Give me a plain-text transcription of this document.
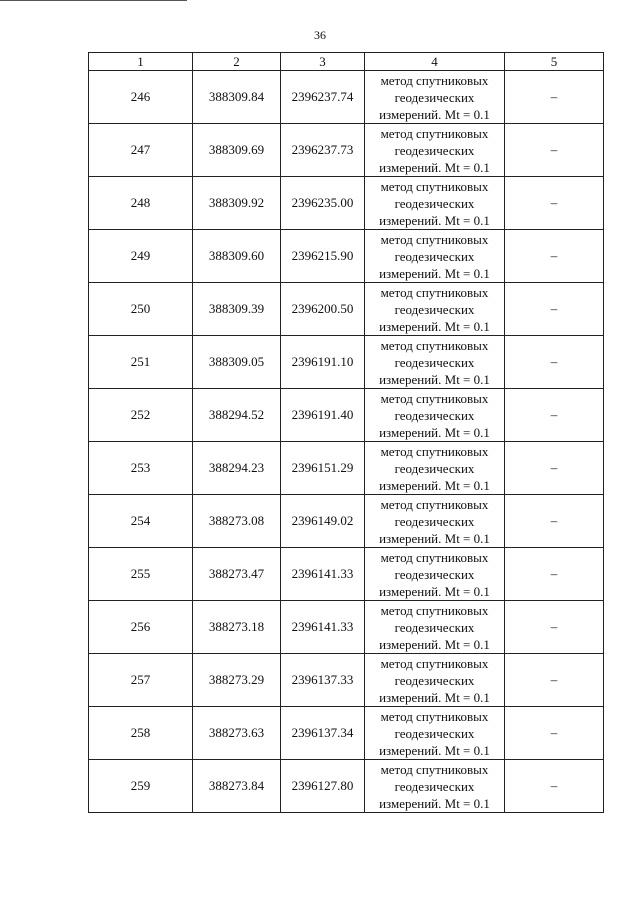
36
1	2	3	4	5
246	388309.84	2396237.74	метод спутниковых
геодезических
измерений. Mt = 0.1	–
247	388309.69	2396237.73	метод спутниковых
геодезических
измерений. Mt = 0.1	–
248	388309.92	2396235.00	метод спутниковых
геодезических
измерений. Mt = 0.1	–
249	388309.60	2396215.90	метод спутниковых
геодезических
измерений. Mt = 0.1	–
250	388309.39	2396200.50	метод спутниковых
геодезических
измерений. Mt = 0.1	–
251	388309.05	2396191.10	метод спутниковых
геодезических
измерений. Mt = 0.1	–
252	388294.52	2396191.40	метод спутниковых
геодезических
измерений. Mt = 0.1	–
253	388294.23	2396151.29	метод спутниковых
геодезических
измерений. Mt = 0.1	–
254	388273.08	2396149.02	метод спутниковых
геодезических
измерений. Mt = 0.1	–
255	388273.47	2396141.33	метод спутниковых
геодезических
измерений. Mt = 0.1	–
256	388273.18	2396141.33	метод спутниковых
геодезических
измерений. Mt = 0.1	–
257	388273.29	2396137.33	метод спутниковых
геодезических
измерений. Mt = 0.1	–
258	388273.63	2396137.34	метод спутниковых
геодезических
измерений. Mt = 0.1	–
259	388273.84	2396127.80	метод спутниковых
геодезических
измерений. Mt = 0.1	–
